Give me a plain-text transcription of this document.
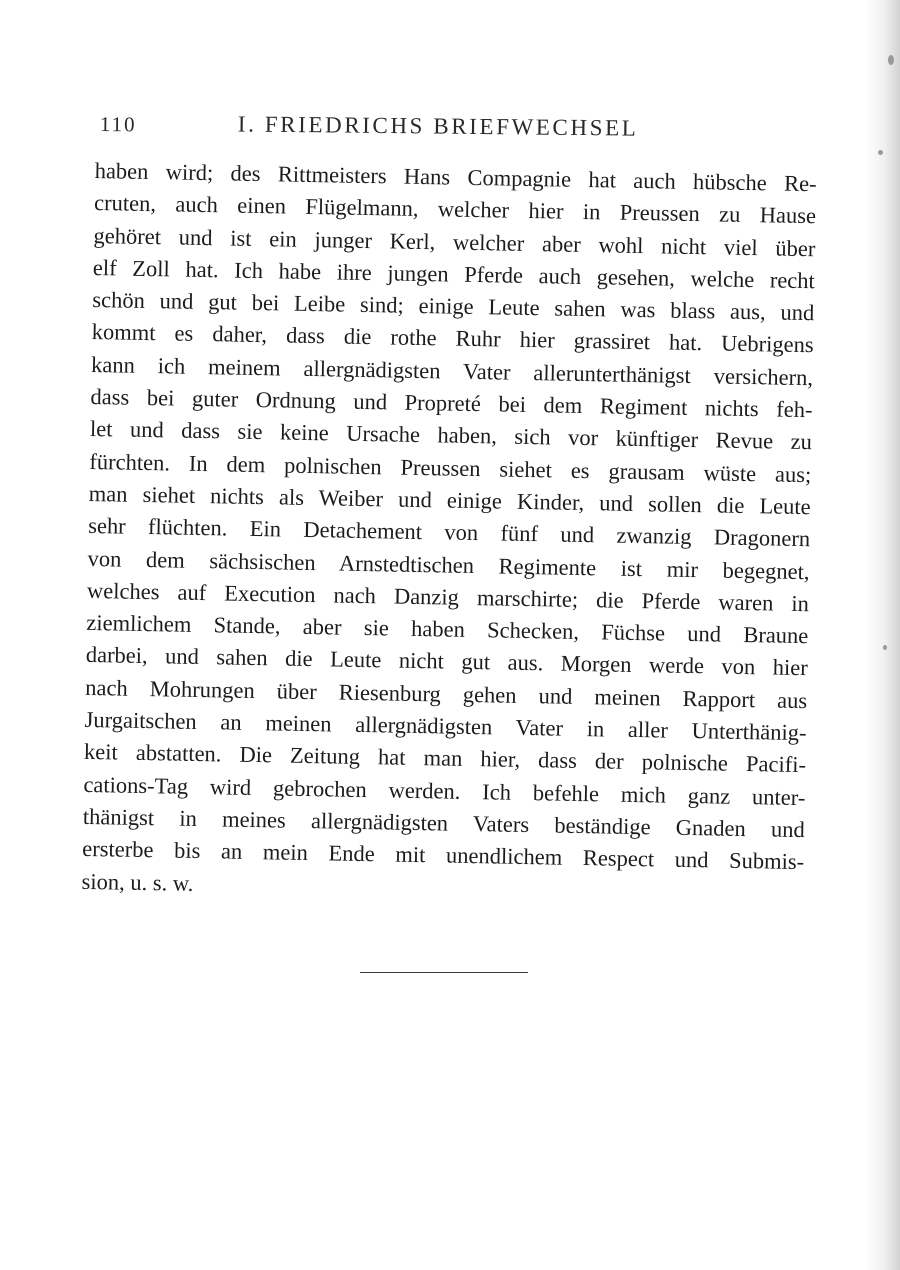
110	I. FRIEDRICHS BRIEFWECHSEL
haben wird; des Rittmeisters Hans Compagnie hat auch hübsche Re-
cruten, auch einen Flügelmann, welcher hier in Preussen zu Hause
gehöret und ist ein junger Kerl, welcher aber wohl nicht viel über
elf Zoll hat. Ich habe ihre jungen Pferde auch gesehen, welche recht
schön und gut bei Leibe sind; einige Leute sahen was blass aus, und
kommt es daher, dass die rothe Ruhr hier grassiret hat. Uebrigens
kann ich meinem allergnädigsten Vater allerunterthänigst versichern,
dass bei guter Ordnung und Propreté bei dem Regiment nichts feh-
let und dass sie keine Ursache haben, sich vor künftiger Revue zu
fürchten. In dem polnischen Preussen siehet es grausam wüste aus;
man siehet nichts als Weiber und einige Kinder, und sollen die Leute
sehr flüchten. Ein Detachement von fünf und zwanzig Dragonern
von dem sächsischen Arnstedtischen Regimente ist mir begegnet,
welches auf Execution nach Danzig marschirte; die Pferde waren in
ziemlichem Stande, aber sie haben Schecken, Füchse und Braune
darbei, und sahen die Leute nicht gut aus. Morgen werde von hier
nach Mohrungen über Riesenburg gehen und meinen Rapport aus
Jurgaitschen an meinen allergnädigsten Vater in aller Unterthänig-
keit abstatten. Die Zeitung hat man hier, dass der polnische Pacifi-
cations-Tag wird gebrochen werden. Ich befehle mich ganz unter-
thänigst in meines allergnädigsten Vaters beständige Gnaden und
ersterbe bis an mein Ende mit unendlichem Respect und Submis-
sion, u. s. w.
